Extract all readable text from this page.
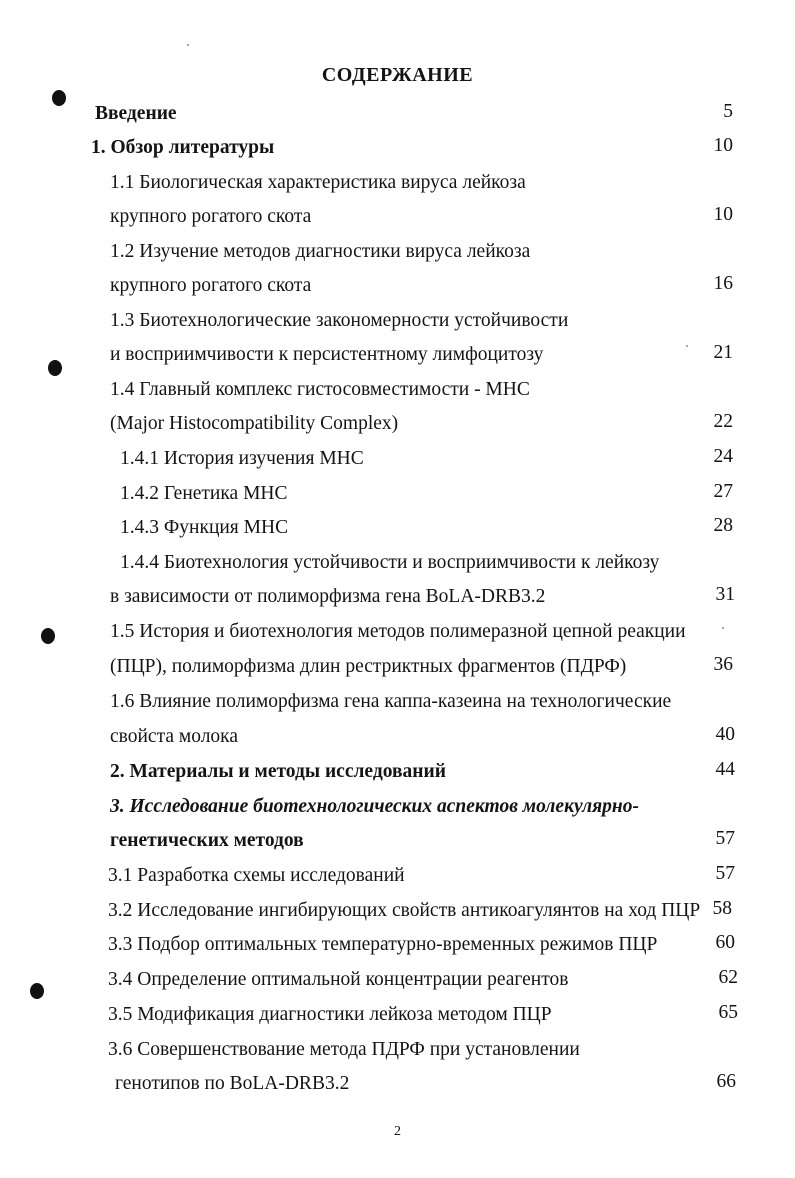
СОДЕРЖАНИЕ
Введение	5
1. Обзор литературы	10
1.1 Биологическая характеристика вируса лейкоза
крупного рогатого скота	10
1.2 Изучение методов диагностики вируса лейкоза
крупного рогатого скота	16
1.3 Биотехнологические закономерности устойчивости
и восприимчивости к персистентному лимфоцитозу	21
1.4 Главный комплекс гистосовместимости - МНС
(Major Histocompatibility Complex)	22
1.4.1 История изучения МНС	24
1.4.2 Генетика МНС	27
1.4.3 Функция МНС	28
1.4.4 Биотехнология устойчивости и восприимчивости к лейкозу
в зависимости от полиморфизма гена BoLA-DRB3.2	31
1.5 История и биотехнология методов полимеразной цепной реакции
(ПЦР), полиморфизма длин рестриктных фрагментов (ПДРФ)	36
1.6 Влияние полиморфизма гена каппа-казеина на технологические
свойста молока	40
2. Материалы и методы исследований	44
3. Исследование биотехнологических аспектов молекулярно-
генетических методов	57
3.1 Разработка схемы исследований	57
3.2 Исследование ингибирующих свойств антикоагулянтов на ход ПЦР 58
3.3 Подбор оптимальных температурно-временных режимов ПЦР	60
3.4 Определение оптимальной концентрации реагентов	62
3.5 Модификация диагностики лейкоза методом ПЦР	65
3.6 Совершенствование метода ПДРФ при установлении
генотипов по BoLA-DRB3.2	66
2
